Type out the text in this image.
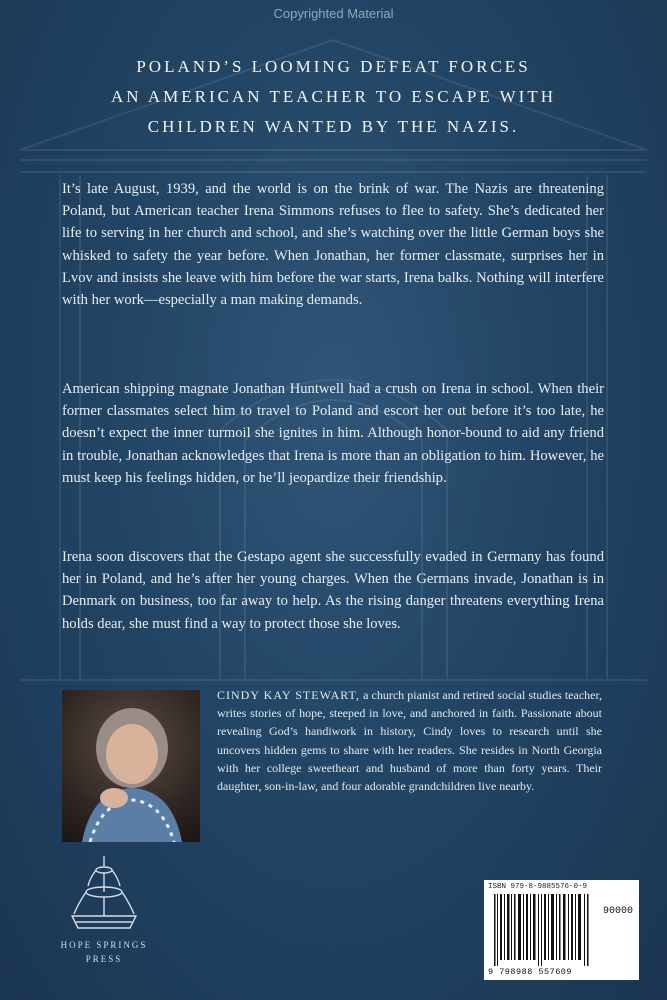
Copyrighted Material
POLAND’S LOOMING DEFEAT FORCES
AN AMERICAN TEACHER TO ESCAPE WITH
CHILDREN WANTED BY THE NAZIS.
It’s late August, 1939, and the world is on the brink of war. The Nazis are threatening Poland, but American teacher Irena Simmons refuses to flee to safety. She’s dedicated her life to serving in her church and school, and she’s watching over the little German boys she whisked to safety the year before. When Jonathan, her former classmate, surprises her in Lvov and insists she leave with him before the war starts, Irena balks. Nothing will interfere with her work—especially a man making demands.
American shipping magnate Jonathan Huntwell had a crush on Irena in school. When their former classmates select him to travel to Poland and escort her out before it’s too late, he doesn’t expect the inner turmoil she ignites in him. Although honor-bound to aid any friend in trouble, Jonathan acknowledges that Irena is more than an obligation to him. However, he must keep his feelings hidden, or he’ll jeopardize their friendship.
Irena soon discovers that the Gestapo agent she successfully evaded in Germany has found her in Poland, and he’s after her young charges. When the Germans invade, Jonathan is in Denmark on business, too far away to help. As the rising danger threatens everything Irena holds dear, she must find a way to protect those she loves.
CINDY KAY STEWART, a church pianist and retired social studies teacher, writes stories of hope, steeped in love, and anchored in faith. Passionate about revealing God’s handiwork in history, Cindy loves to research until she uncovers hidden gems to share with her readers. She resides in North Georgia with her college sweetheart and husband of more than forty years. Their daughter, son-in-law, and four adorable grandchildren live nearby.
HOPE SPRINGS
PRESS
ISBN 979-8-9885576-0-9
90000
9 798988 557609
